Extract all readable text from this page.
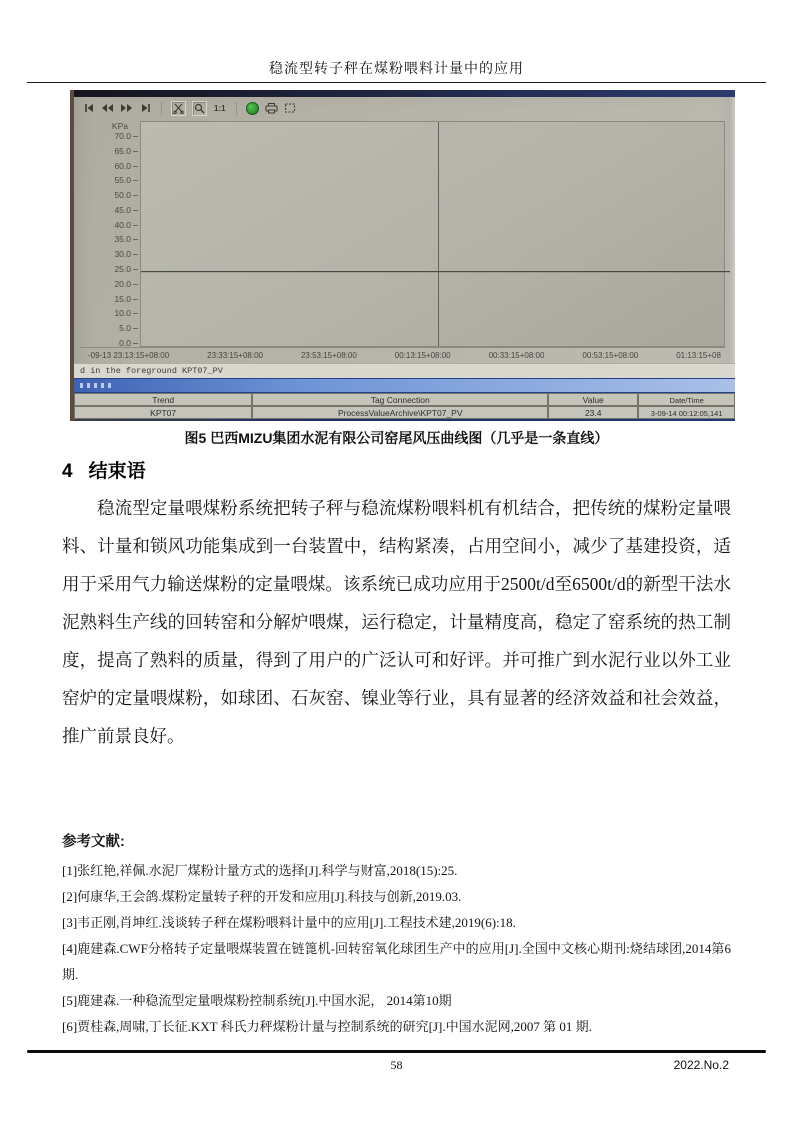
稳流型转子秤在煤粉喂料计量中的应用
1:1
KPa
70.0
65.0
60.0
55.0
50.0
45.0
40.0
35.0
30.0
25.0
20.0
15.0
10.0
5.0
0.0
-09-13 23:13:15+08:00	23:33:15+08:00	23:53:15+08:00	00:13:15+08:00	00:33:15+08:00	00:53:15+08:00	01:13:15+08
d in the foreground KPT07_PV
Trend	Tag Connection	Value	Date/Time
KPT07	ProcessValueArchive\KPT07_PV	23.4	3-09-14 00:12:05,141
图5 巴西MIZU集团水泥有限公司窑尾风压曲线图（几乎是一条直线）
4 结束语
稳流型定量喂煤粉系统把转子秤与稳流煤粉喂料机有机结合，把传统的煤粉定量喂料、计量和锁风功能集成到一台装置中，结构紧凑，占用空间小，减少了基建投资，适用于采用气力输送煤粉的定量喂煤。该系统已成功应用于2500t/d至6500t/d的新型干法水泥熟料生产线的回转窑和分解炉喂煤，运行稳定，计量精度高，稳定了窑系统的热工制度，提高了熟料的质量，得到了用户的广泛认可和好评。并可推广到水泥行业以外工业窑炉的定量喂煤粉，如球团、石灰窑、镍业等行业，具有显著的经济效益和社会效益，推广前景良好。
参考文献:
[1]张红艳,祥佩.水泥厂煤粉计量方式的选择[J].科学与财富,2018(15):25.
[2]何康华,王会鸽.煤粉定量转子秤的开发和应用[J].科技与创新,2019.03.
[3]韦正刚,肖坤红.浅谈转子秤在煤粉喂料计量中的应用[J].工程技术建,2019(6):18.
[4]鹿建森.CWF分格转子定量喂煤装置在链篦机-回转窑氧化球团生产中的应用[J].全国中文核心期刊:烧结球团,2014第6期.
[5]鹿建森.一种稳流型定量喂煤粉控制系统[J].中国水泥， 2014第10期
[6]贾桂森,周啸,丁长征.KXT 科氏力秤煤粉计量与控制系统的研究[J].中国水泥网,2007 第 01 期.
58	2022.No.2
